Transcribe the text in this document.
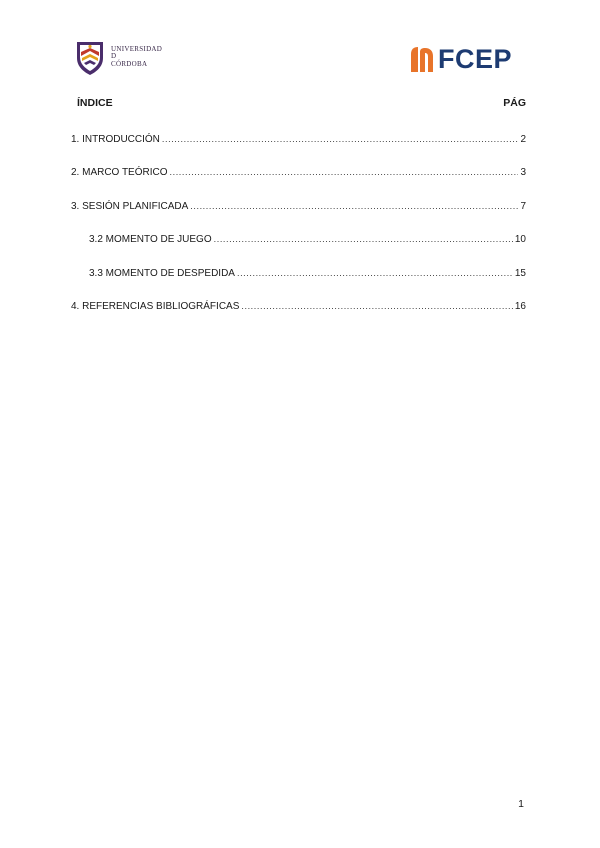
UNIVERSIDAD
D
CÓRDOBA	FCEP
ÍNDICE	PÁG
1. INTRODUCCIÓN .....	2
2. MARCO TEÓRICO .....	3
3. SESIÓN PLANIFICADA .....	7
3.2 MOMENTO DE JUEGO .....	10
3.3 MOMENTO DE DESPEDIDA .....	15
4. REFERENCIAS BIBLIOGRÁFICAS .....	16
1
